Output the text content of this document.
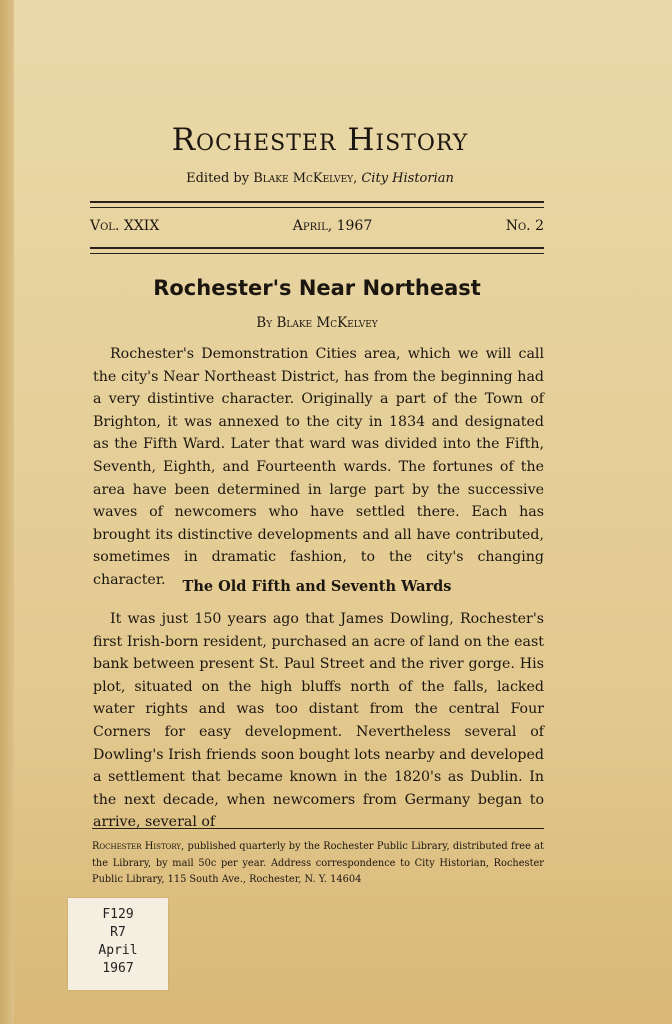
Rochester History
Edited by Blake McKelvey, City Historian
Vol. XXIX	April, 1967	No. 2
Rochester's Near Northeast
By Blake McKelvey

Rochester's Demonstration Cities area, which we will call the city's Near Northeast District, has from the beginning had a very distintive character. Originally a part of the Town of Brighton, it was annexed to the city in 1834 and designated as the Fifth Ward. Later that ward was divided into the Fifth, Seventh, Eighth, and Fourteenth wards. The fortunes of the area have been determined in large part by the successive waves of newcomers who have settled there. Each has brought its distinctive developments and all have contributed, sometimes in dramatic fashion, to the city's changing character.	The Old Fifth and Seventh Wards

It was just 150 years ago that James Dowling, Rochester's first Irish-born resident, purchased an acre of land on the east bank between present St. Paul Street and the river gorge. His plot, situated on the high bluffs north of the falls, lacked water rights and was too distant from the central Four Corners for easy development. Nevertheless several of Dowling's Irish friends soon bought lots nearby and developed a settlement that became known in the 1820's as Dublin. In the next decade, when newcomers from Germany began to arrive, several of

Rochester History, published quarterly by the Rochester Public Library, distributed free at the Library, by mail 50c per year. Address correspondence to City Historian, Rochester Public Library, 115 South Ave., Rochester, N. Y. 14604

F129
R7
April
1967
